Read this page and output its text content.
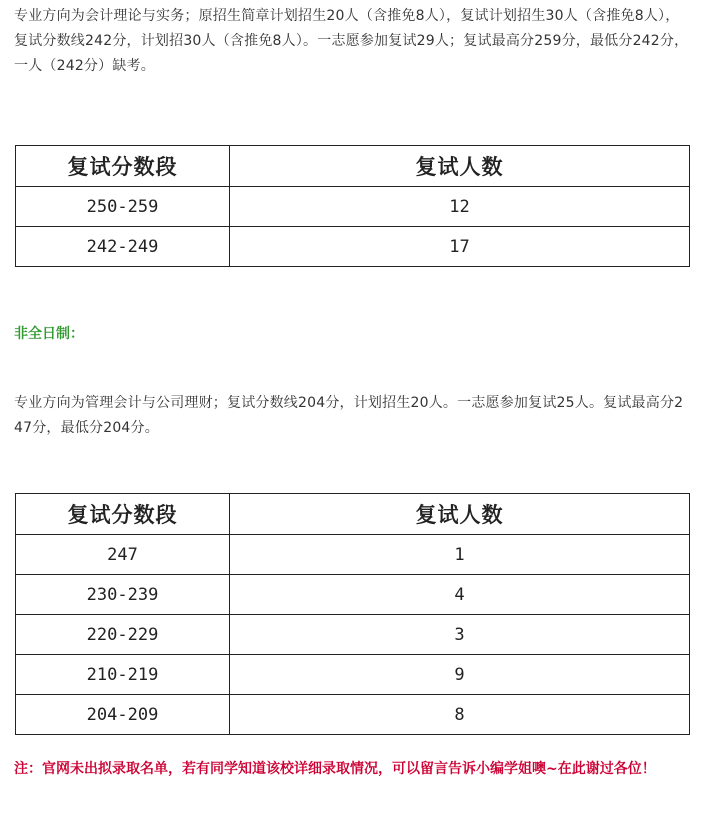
专业方向为会计理论与实务；原招生简章计划招生20人（含推免8人），复试计划招生30人（含推免8人），复试分数线242分，计划招30人（含推免8人）。一志愿参加复试29人；复试最高分259分，最低分242分，一人（242分）缺考。
复试分数段	复试人数
250-259	12
242-249	17
非全日制：
专业方向为管理会计与公司理财；复试分数线204分，计划招生20人。一志愿参加复试25人。复试最高分247分，最低分204分。
复试分数段	复试人数
247	1
230-239	4
220-229	3
210-219	9
204-209	8
注：官网未出拟录取名单，若有同学知道该校详细录取情况，可以留言告诉小编学姐噢~在此谢过各位！
